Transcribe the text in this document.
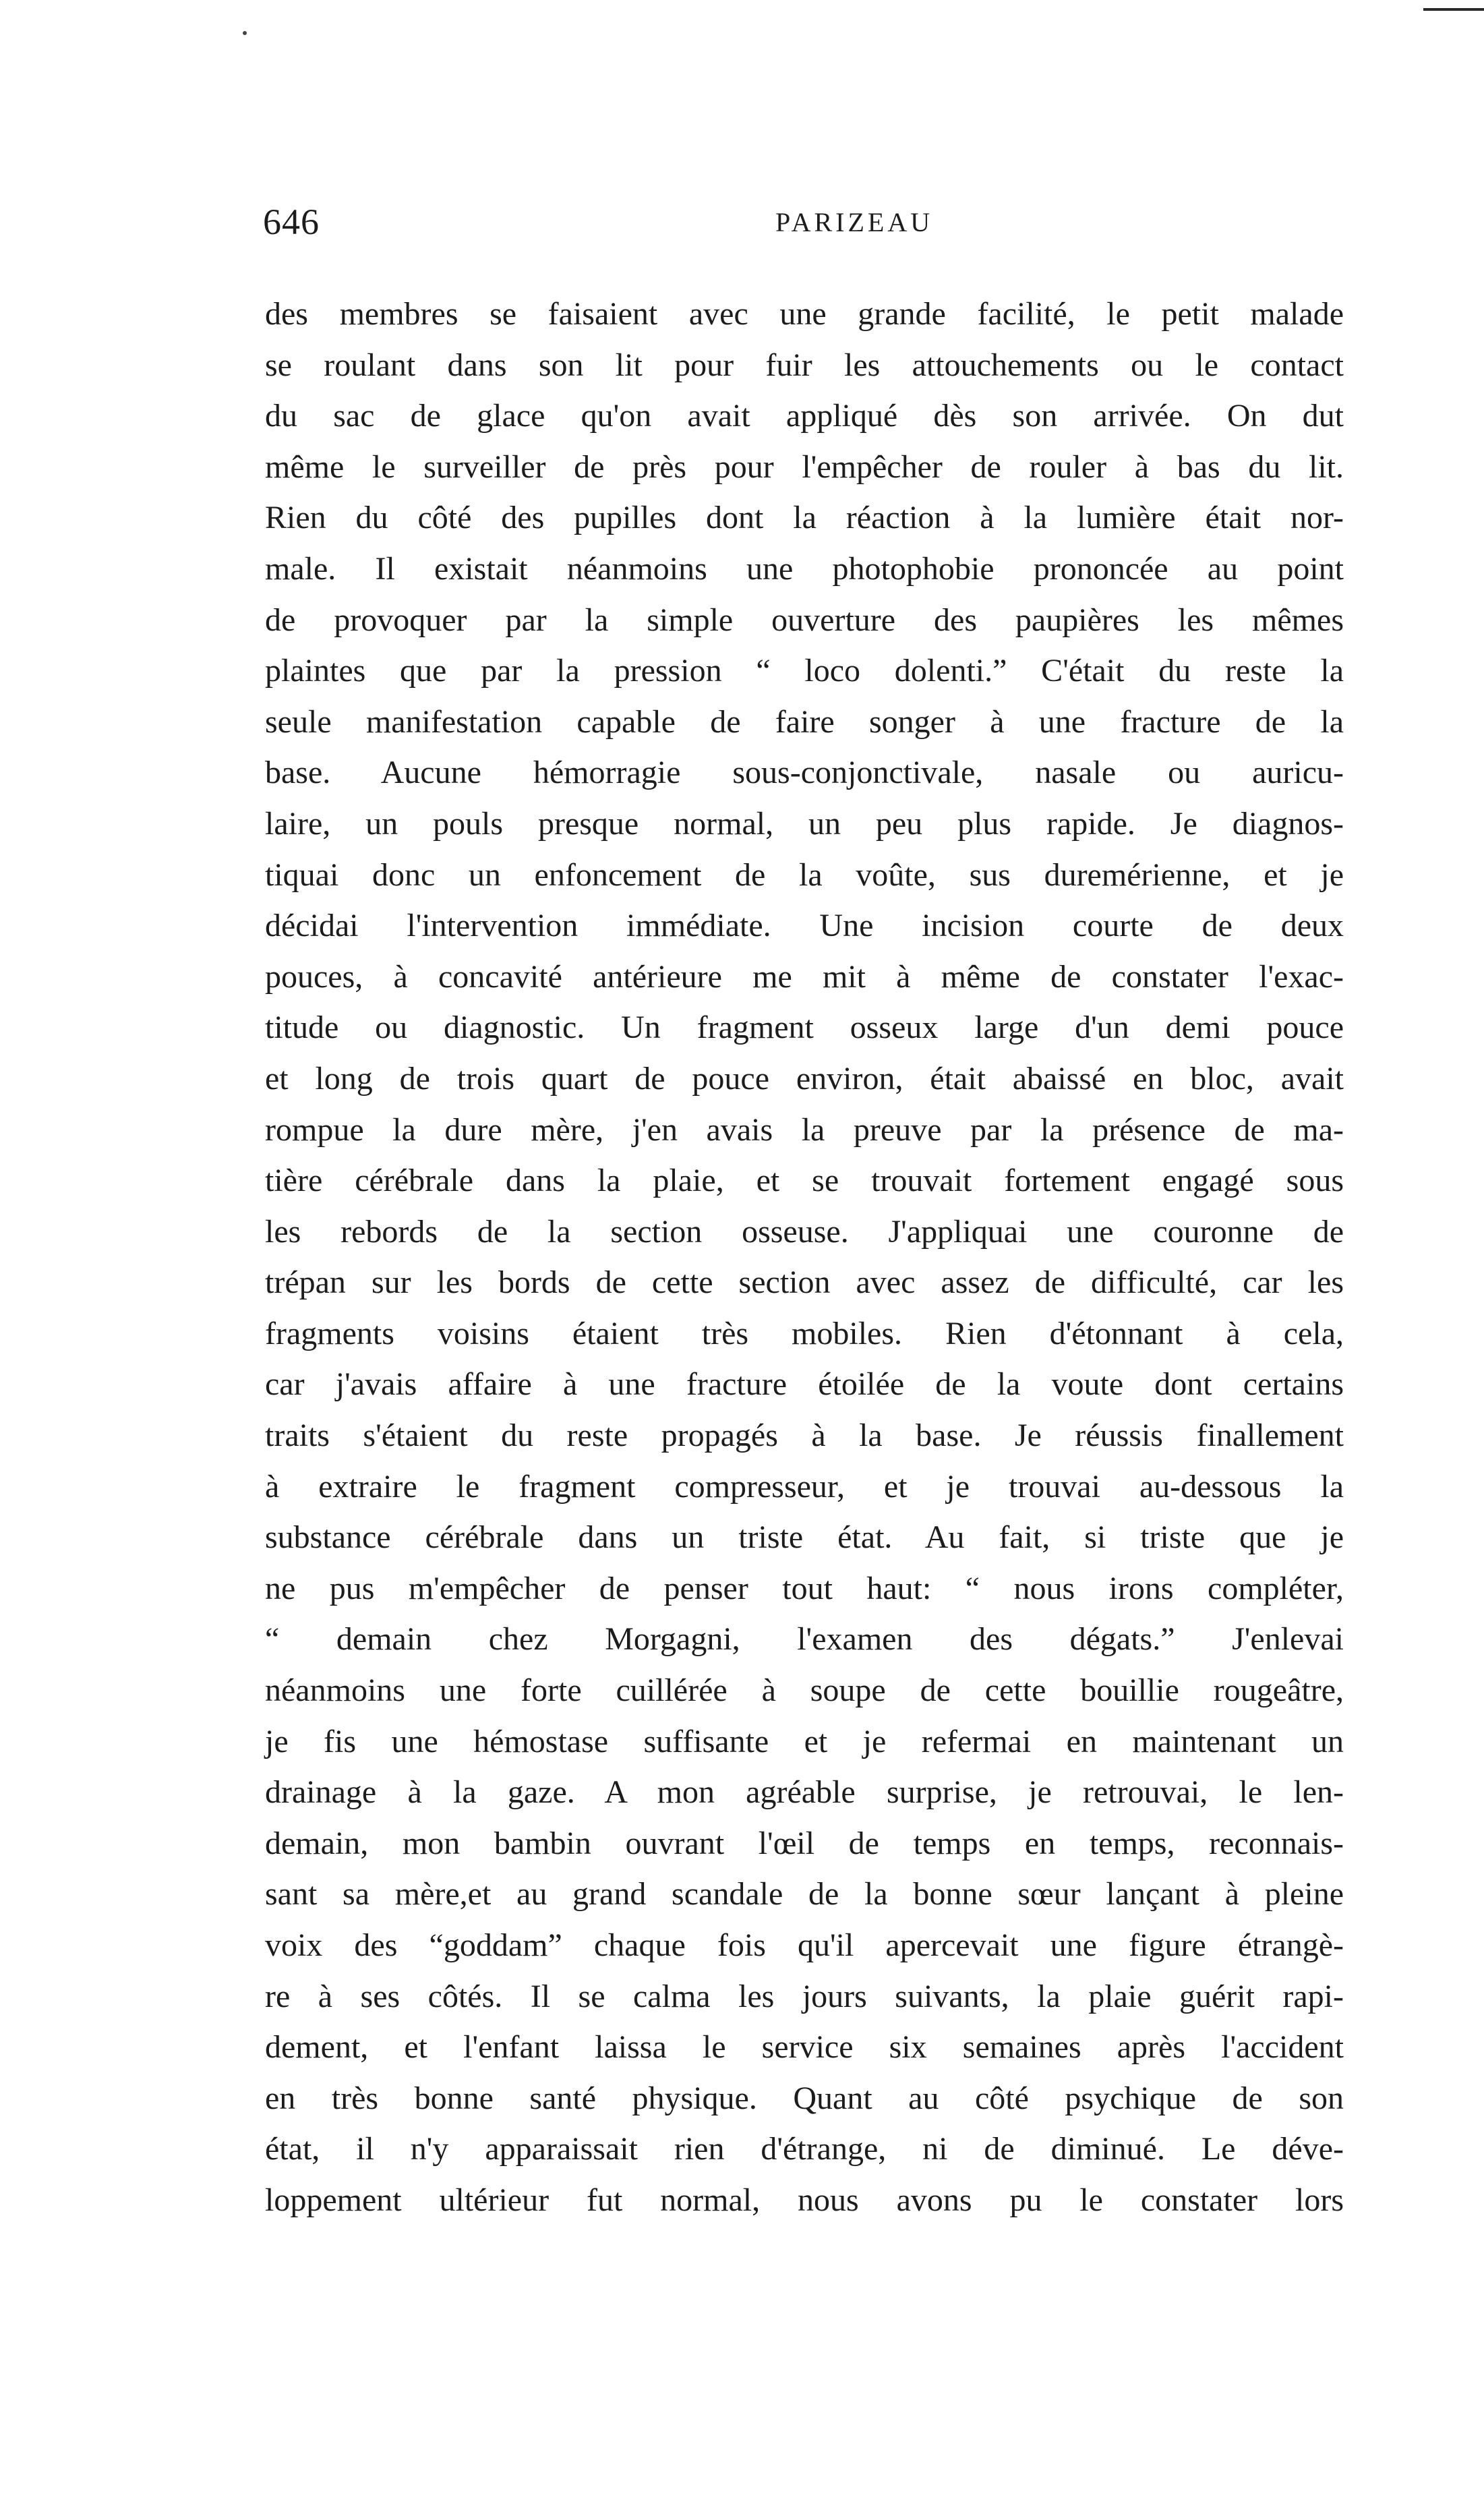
646	PARIZEAU
des membres se faisaient avec une grande facilité, le petit malade
se roulant dans son lit pour fuir les attouchements ou le contact
du sac de glace qu'on avait appliqué dès son arrivée. On dut
même le surveiller de près pour l'empêcher de rouler à bas du lit.
Rien du côté des pupilles dont la réaction à la lumière était nor-
male. Il existait néanmoins une photophobie prononcée au point
de provoquer par la simple ouverture des paupières les mêmes
plaintes que par la pression “ loco dolenti.” C'était du reste la
seule manifestation capable de faire songer à une fracture de la
base. Aucune hémorragie sous-conjonctivale, nasale ou auricu-
laire, un pouls presque normal, un peu plus rapide. Je diagnos-
tiquai donc un enfoncement de la voûte, sus duremérienne, et je
décidai l'intervention immédiate. Une incision courte de deux
pouces, à concavité antérieure me mit à même de constater l'exac-
titude ou diagnostic. Un fragment osseux large d'un demi pouce
et long de trois quart de pouce environ, était abaissé en bloc, avait
rompue la dure mère, j'en avais la preuve par la présence de ma-
tière cérébrale dans la plaie, et se trouvait fortement engagé sous
les rebords de la section osseuse. J'appliquai une couronne de
trépan sur les bords de cette section avec assez de difficulté, car les
fragments voisins étaient très mobiles. Rien d'étonnant à cela,
car j'avais affaire à une fracture étoilée de la voute dont certains
traits s'étaient du reste propagés à la base. Je réussis finallement
à extraire le fragment compresseur, et je trouvai au-dessous la
substance cérébrale dans un triste état. Au fait, si triste que je
ne pus m'empêcher de penser tout haut: “ nous irons compléter,
“ demain chez Morgagni, l'examen des dégats.” J'enlevai
néanmoins une forte cuillérée à soupe de cette bouillie rougeâtre,
je fis une hémostase suffisante et je refermai en maintenant un
drainage à la gaze. A mon agréable surprise, je retrouvai, le len-
demain, mon bambin ouvrant l'œil de temps en temps, reconnais-
sant sa mère,et au grand scandale de la bonne sœur lançant à pleine
voix des “goddam” chaque fois qu'il apercevait une figure étrangè-
re à ses côtés. Il se calma les jours suivants, la plaie guérit rapi-
dement, et l'enfant laissa le service six semaines après l'accident
en très bonne santé physique. Quant au côté psychique de son
état, il n'y apparaissait rien d'étrange, ni de diminué. Le déve-
loppement ultérieur fut normal, nous avons pu le constater lors
